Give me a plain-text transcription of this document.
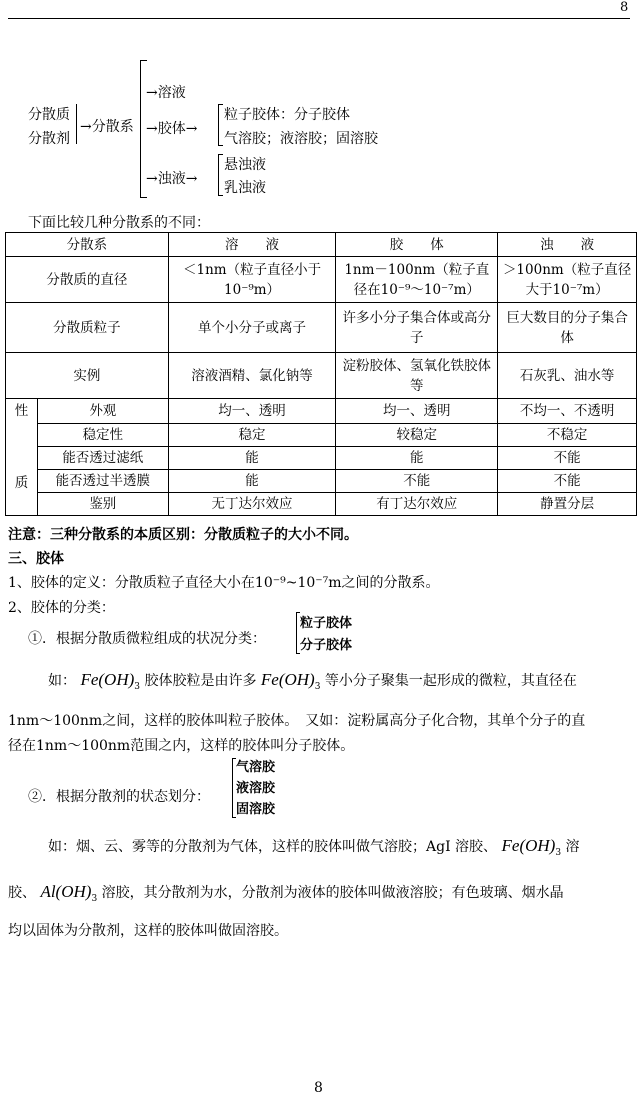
8
分散质
分散剂
→分散系
→溶液
→胶体→
粒子胶体：分子胶体
气溶胶；液溶胶；固溶胶
→浊液→
悬浊液
乳浊液
下面比较几种分散系的不同：
分散系		溶　　液	胶　　体	浊　　液
分散质的直径		＜1nm（粒子直径小于10⁻⁹m）	1nm－100nm（粒子直径在10⁻⁹～10⁻⁷m）	＞100nm（粒子直径大于10⁻⁷m）
分散质粒子		单个小分子或离子	许多小分子集合体或高分子	巨大数目的分子集合体
实例		溶液酒精、氯化钠等	淀粉胶体、氢氧化铁胶体等	石灰乳、油水等

性
质	外观	均一、透明	均一、透明	不均一、不透明
	稳定性	稳定	较稳定	不稳定
	能否透过滤纸	能	能	不能
	能否透过半透膜	能	不能	不能
	鉴别	无丁达尔效应	有丁达尔效应	静置分层
注意：三种分散系的本质区别：分散质粒子的大小不同。
三、胶体
1、胶体的定义：分散质粒子直径大小在10⁻⁹~10⁻⁷m之间的分散系。
2、胶体的分类：
①．根据分散质微粒组成的状况分类：
粒子胶体
分子胶体
如： $Fe(OH)_3$ 胶体胶粒是由许多 $Fe(OH)_3$ 等小分子聚集一起形成的微粒，其直径在
1nm～100nm之间，这样的胶体叫粒子胶体。　又如：淀粉属高分子化合物，其单个分子的直
径在1nm～100nm范围之内，这样的胶体叫分子胶体。
②．根据分散剂的状态划分：
气溶胶
液溶胶
固溶胶
如：烟、云、雾等的分散剂为气体，这样的胶体叫做气溶胶；AgI 溶胶、 $Fe(OH)_3$ 溶
胶、 $Al(OH)_3$ 溶胶，其分散剂为水，分散剂为液体的胶体叫做液溶胶；有色玻璃、烟水晶
均以固体为分散剂，这样的胶体叫做固溶胶。
8
